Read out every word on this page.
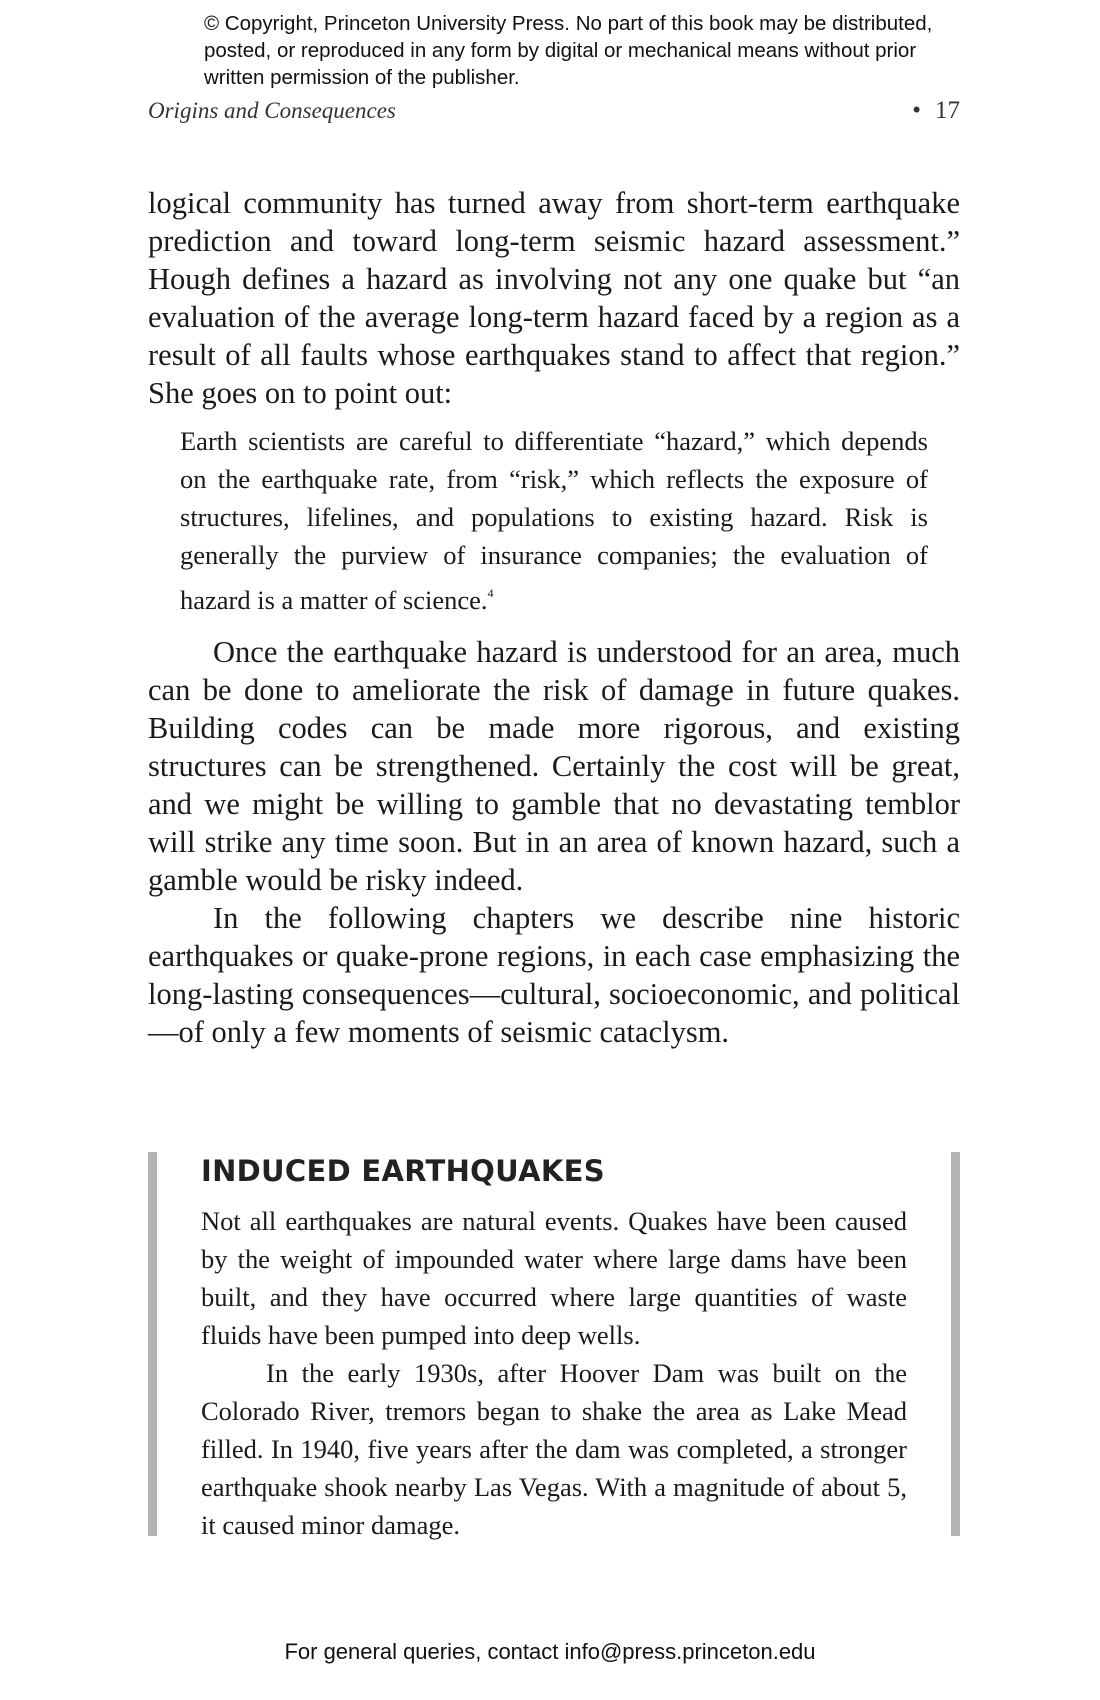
© Copyright, Princeton University Press. No part of this book may be distributed, posted, or reproduced in any form by digital or mechanical means without prior written permission of the publisher.
Origins and Consequences	• 17

logical community has turned away from short-term earthquake prediction and toward long-term seismic hazard assessment.” Hough defines a hazard as involving not any one quake but “an evaluation of the average long-term hazard faced by a region as a result of all faults whose earthquakes stand to affect that region.” She goes on to point out:

Earth scientists are careful to differentiate “hazard,” which depends on the earthquake rate, from “risk,” which reflects the exposure of structures, lifelines, and populations to existing hazard. Risk is generally the purview of insurance companies; the evaluation of hazard is a matter of science.$^4$

Once the earthquake hazard is understood for an area, much can be done to ameliorate the risk of damage in future quakes. Building codes can be made more rigorous, and existing structures can be strengthened. Certainly the cost will be great, and we might be willing to gamble that no devastating temblor will strike any time soon. But in an area of known hazard, such a gamble would be risky indeed.

In the following chapters we describe nine historic earthquakes or quake-prone regions, in each case emphasizing the long-lasting consequences—cultural, socioeconomic, and political—of only a few moments of seismic cataclysm.

INDUCED EARTHQUAKES

Not all earthquakes are natural events. Quakes have been caused by the weight of impounded water where large dams have been built, and they have occurred where large quantities of waste fluids have been pumped into deep wells.

In the early 1930s, after Hoover Dam was built on the Colorado River, tremors began to shake the area as Lake Mead filled. In 1940, five years after the dam was completed, a stronger earthquake shook nearby Las Vegas. With a magnitude of about 5, it caused minor damage.

For general queries, contact info@press.princeton.edu
